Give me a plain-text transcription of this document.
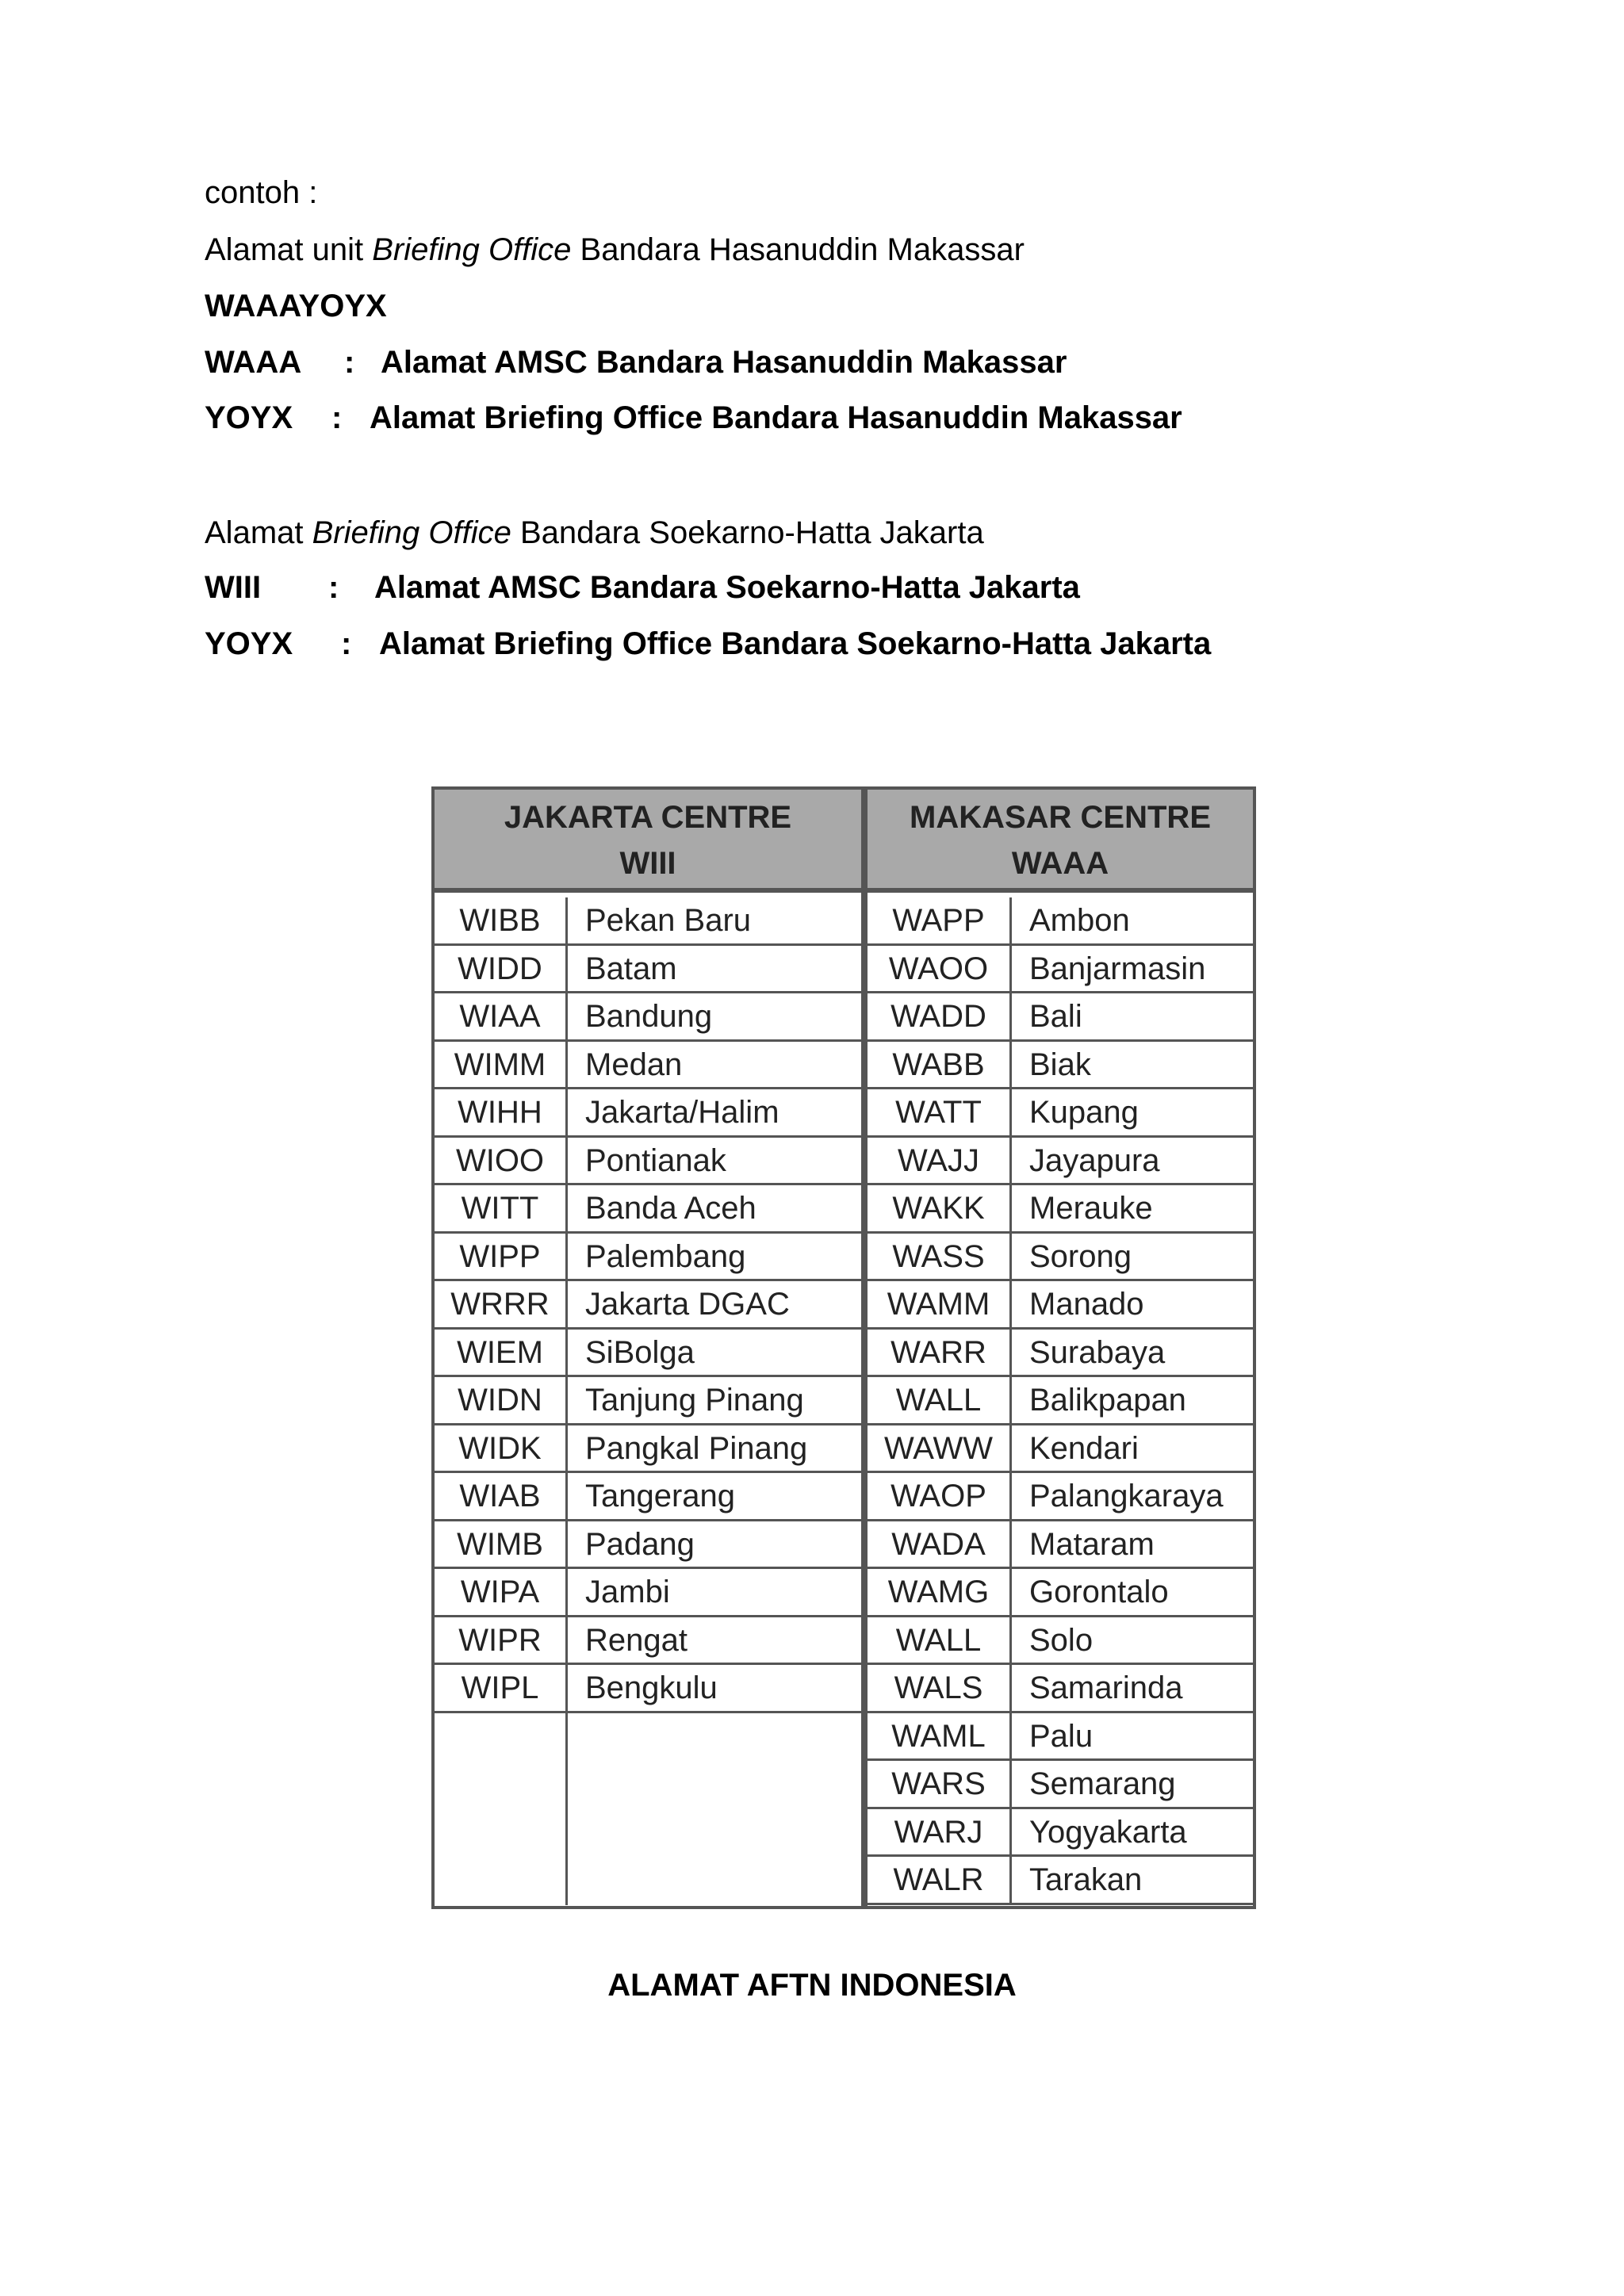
contoh :
Alamat unit Briefing Office Bandara Hasanuddin Makassar
WAAAYOYX
WAAA : Alamat AMSC Bandara Hasanuddin Makassar
YOYX : Alamat Briefing Office Bandara Hasanuddin Makassar
Alamat Briefing Office Bandara Soekarno-Hatta Jakarta
WIII : Alamat AMSC Bandara Soekarno-Hatta Jakarta
YOYX : Alamat Briefing Office Bandara Soekarno-Hatta Jakarta
JAKARTA CENTRE
WIII
WIBB	Pekan Baru
WIDD	Batam
WIAA	Bandung
WIMM	Medan
WIHH	Jakarta/Halim
WIOO	Pontianak
WITT	Banda Aceh
WIPP	Palembang
WRRR	Jakarta DGAC
WIEM	SiBolga
WIDN	Tanjung Pinang
WIDK	Pangkal Pinang
WIAB	Tangerang
WIMB	Padang
WIPA	Jambi
WIPR	Rengat
WIPL	Bengkulu
MAKASAR CENTRE
WAAA
WAPP	Ambon
WAOO	Banjarmasin
WADD	Bali
WABB	Biak
WATT	Kupang
WAJJ	Jayapura
WAKK	Merauke
WASS	Sorong
WAMM	Manado
WARR	Surabaya
WALL	Balikpapan
WAWW	Kendari
WAOP	Palangkaraya
WADA	Mataram
WAMG	Gorontalo
WALL	Solo
WALS	Samarinda
WAML	Palu
WARS	Semarang
WARJ	Yogyakarta
WALR	Tarakan
ALAMAT AFTN INDONESIA
